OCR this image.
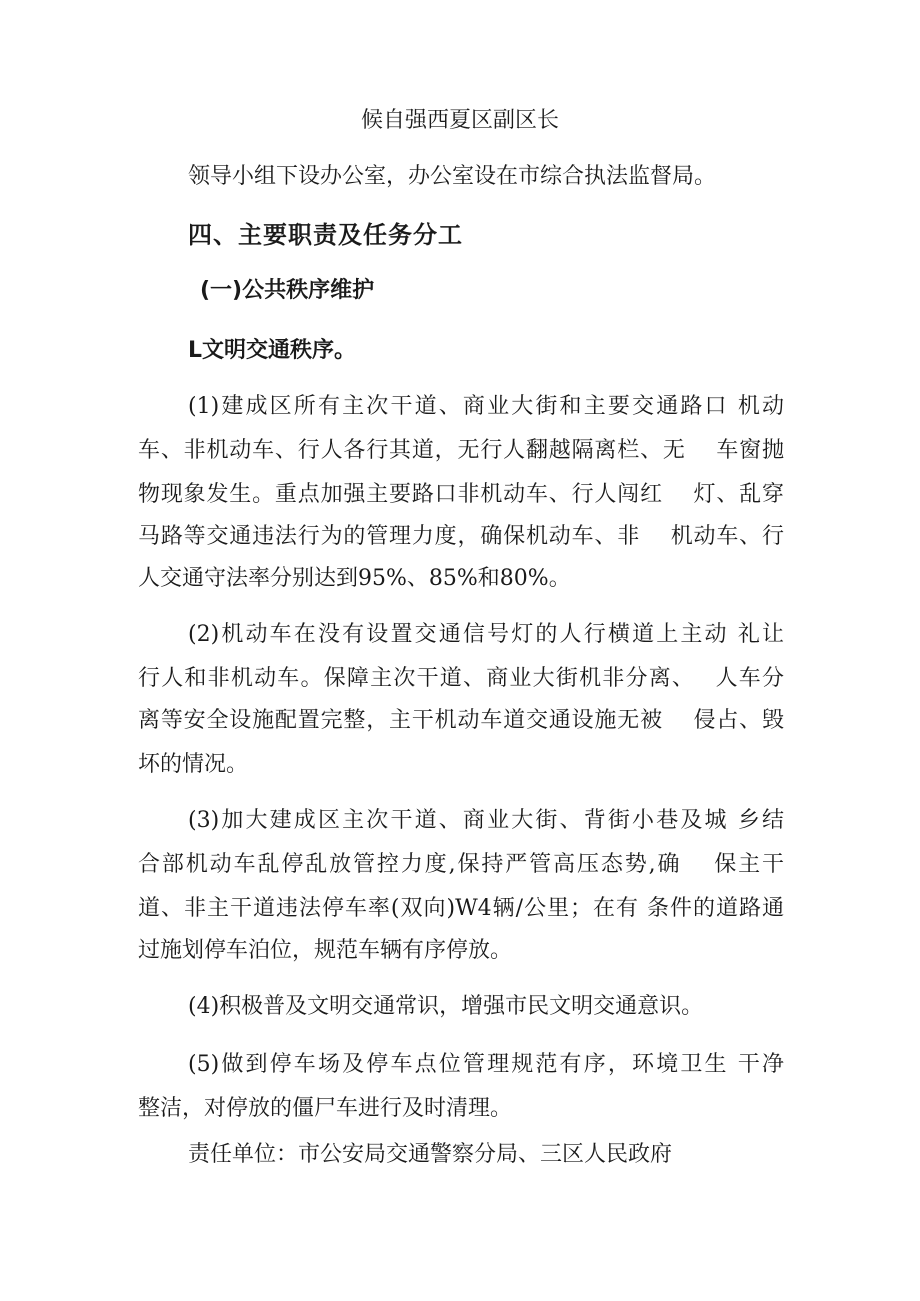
候自强西夏区副区长
领导小组下设办公室，办公室设在市综合执法监督局。
四、主要职责及任务分工
(一)公共秩序维护
L文明交通秩序。
(1)建成区所有主次干道、商业大街和主要交通路口 机动
车、非机动车、行人各行其道，无行人翻越隔离栏、无　 车窗抛
物现象发生。重点加强主要路口非机动车、行人闯红　 灯、乱穿
马路等交通违法行为的管理力度，确保机动车、非　 机动车、行
人交通守法率分别达到95%、85%和80%。
(2)机动车在没有设置交通信号灯的人行横道上主动 礼让
行人和非机动车。保障主次干道、商业大街机非分离、　 人车分
离等安全设施配置完整，主干机动车道交通设施无被　 侵占、毁
坏的情况。
(3)加大建成区主次干道、商业大街、背街小巷及城 乡结
合部机动车乱停乱放管控力度,保持严管高压态势,确　 保主干
道、非主干道违法停车率(双向)W4辆/公里；在有 条件的道路通
过施划停车泊位，规范车辆有序停放。
(4)积极普及文明交通常识，增强市民文明交通意识。
(5)做到停车场及停车点位管理规范有序，环境卫生 干净
整洁，对停放的僵尸车进行及时清理。
责任单位：市公安局交通警察分局、三区人民政府
